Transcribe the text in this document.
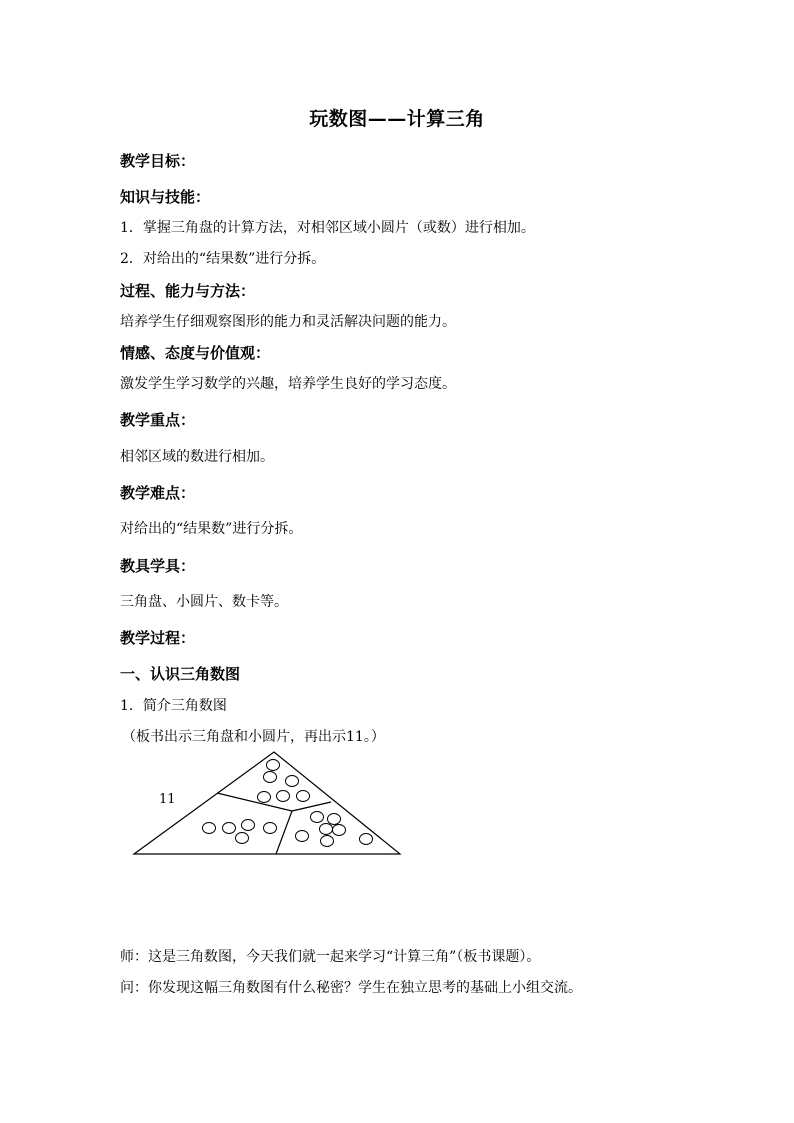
玩数图——计算三角
教学目标：
知识与技能：
1．掌握三角盘的计算方法，对相邻区域小圆片（或数）进行相加。
2．对给出的“结果数”进行分拆。
过程、能力与方法：
培养学生仔细观察图形的能力和灵活解决问题的能力。
情感、态度与价值观：
激发学生学习数学的兴趣，培养学生良好的学习态度。
教学重点：
相邻区域的数进行相加。
教学难点：
对给出的“结果数”进行分拆。
教具学具：
三角盘、小圆片、数卡等。
教学过程：
一、认识三角数图
1．简介三角数图
（板书出示三角盘和小圆片，再出示11。）
11
师：这是三角数图，今天我们就一起来学习“计算三角”（板书课题）。
问：你发现这幅三角数图有什么秘密？学生在独立思考的基础上小组交流。
